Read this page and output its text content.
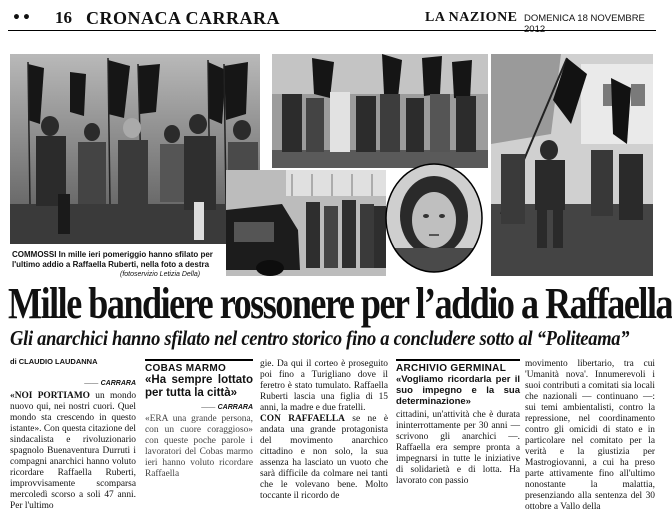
•• 16 CRONACA CARRARA	LA NAZIONE DOMENICA 18 NOVEMBRE 2012
COMMOSSI In mille ieri pomeriggio hanno sfilato per l'ultimo addio a Raffaella Ruberti, nella foto a destra
(fotoservizio Letizia Della)
Mille bandiere rossonere per l’addio a Raffaella
Gli anarchici hanno sfilato nel centro storico fino a concludere sotto al “Politeama”
di CLAUDIO LAUDANNA
—— CARRARA
«NOI PORTIAMO un mondo nuovo qui, nei nostri cuori. Quel mondo sta crescendo in questo istante». Con questa citazione del sindacalista e rivoluzionario spagnolo Buenaventura Durruti i compagni anarchici hanno voluto ricordare Raffaella Ruberti, improvvisamente scomparsa mercoledì scorso a soli 47 anni. Per l'ultimo
COBAS MARMO
«Ha sempre lottato per tutta la città»
—— CARRARA
«ERA una grande persona, con un cuore coraggioso» con queste poche parole i lavoratori del Cobas marmo ieri hanno voluto ricordare Raffaella
gie. Da qui il corteo è proseguito poi fino a Turigliano dove il feretro è stato tumulato. Raffaella Ruberti lascia una figlia di 15 anni, la madre e due fratelli.
CON RAFFAELLA se ne è andata una grande protagonista del movimento anarchico cittadino e non solo, la sua assenza ha lasciato un vuoto che sarà difficile da colmare nei tanti che le volevano bene. Molto toccante il ricordo de
ARCHIVIO GERMINAL
«Vogliamo ricordarla per il suo impegno e la sua determinazione»
cittadini, un'attività che è durata ininterrottamente per 30 anni — scrivono gli anarchici —. Raffaella era sempre pronta a impegnarsi in tutte le iniziative di solidarietà e di lotta. Ha lavorato con passio
movimento libertario, tra cui 'Umanità nova'. Innumerevoli i suoi contributi a comitati sia locali che nazionali — continuano —: sui temi ambientalisti, contro la repressione, nel coordinamento contro gli omicidi di stato e in particolare nel comitato per la verità e la giustizia per Mastrogiovanni, a cui ha preso parte attivamente fino all'ultimo nonostante la malattia, presenziando alla sentenza del 30 ottobre a Vallo della
